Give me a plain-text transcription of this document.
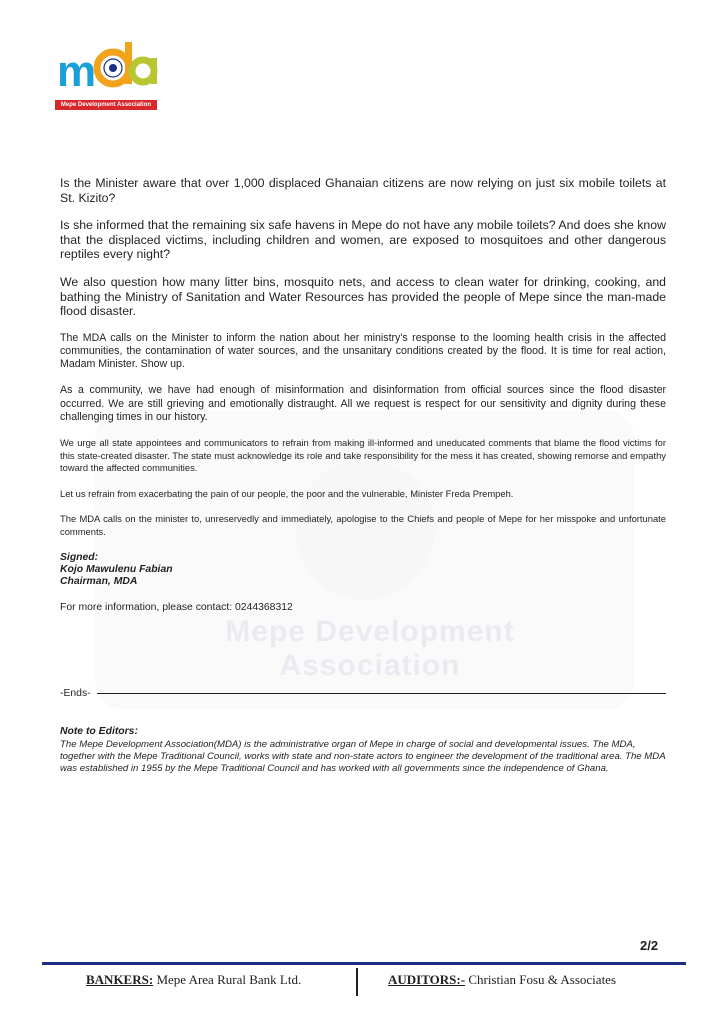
Mepe Development Association
m
Mepe Development Association

Is the Minister aware that over 1,000 displaced Ghanaian citizens are now relying on just six mobile toilets at St. Kizito?

Is she informed that the remaining six safe havens in Mepe do not have any mobile toilets? And does she know that the displaced victims, including children and women, are exposed to mosquitoes and other dangerous reptiles every night?

We also question how many litter bins, mosquito nets, and access to clean water for drinking, cooking, and bathing the Ministry of Sanitation and Water Resources has provided the people of Mepe since the man-made flood disaster.

The MDA calls on the Minister to inform the nation about her ministry's response to the looming health crisis in the affected communities, the contamination of water sources, and the unsanitary conditions created by the flood. It is time for real action, Madam Minister. Show up.

As a community, we have had enough of misinformation and disinformation from official sources since the flood disaster occurred. We are still grieving and emotionally distraught. All we request is respect for our sensitivity and dignity during these challenging times in our history.

We urge all state appointees and communicators to refrain from making ill-informed and uneducated comments that blame the flood victims for this state-created disaster. The state must acknowledge its role and take responsibility for the mess it has created, showing remorse and empathy toward the affected communities.

Let us refrain from exacerbating the pain of our people, the poor and the vulnerable, Minister Freda Prempeh.

The MDA calls on the minister to, unreservedly and immediately, apologise to the Chiefs and people of Mepe for her misspoke and unfortunate comments.

Signed:
Kojo Mawulenu Fabian
Chairman, MDA

For more information, please contact: 0244368312

-Ends-
Note to Editors:

The Mepe Development Association(MDA) is the administrative organ of Mepe in charge of social and developmental issues. The MDA, together with the Mepe Traditional Council, works with state and non-state actors to engineer the development of the traditional area. The MDA was established in 1955 by the Mepe Traditional Council and has worked with all governments since the independence of Ghana.

2/2
BANKERS: Mepe Area Rural Bank Ltd.	AUDITORS:- Christian Fosu & Associates
